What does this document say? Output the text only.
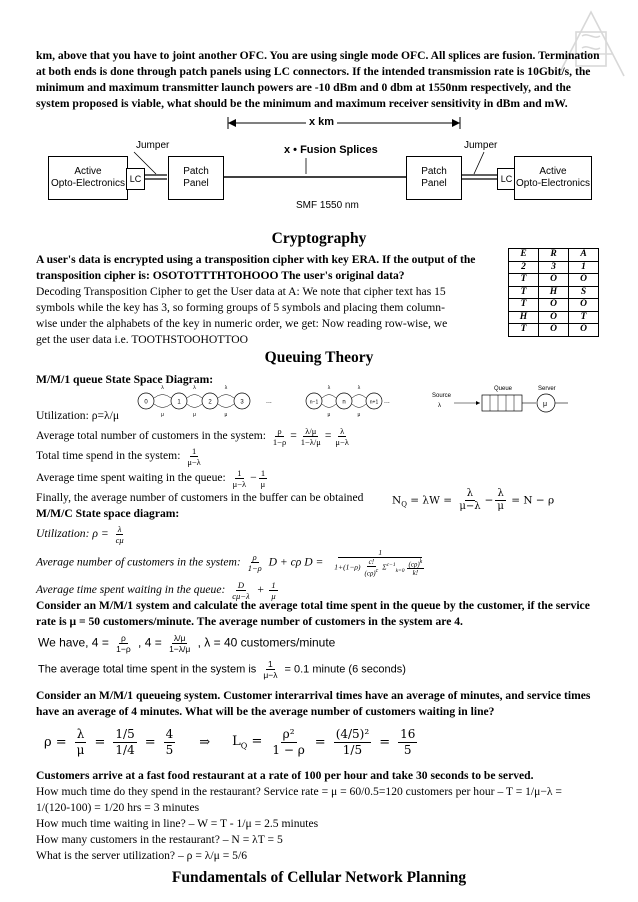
km, above that you have to joint another OFC. You are using single mode OFC. All splices are fusion. Termination
at both ends is done through patch panels using LC connectors. If the intended transmission rate is 10Gbit/s, the
minimum and maximum transmitter launch powers are -10 dBm and 0 dbm at 1550nm respectively, and the
system proposed is viable, what should be the minimum and maximum receiver sensitivity in dBm and mW.
x km
x • Fusion Splices
Jumper	Jumper
Active
Opto-Electronics LC
Patch
Panel
Patch
Panel	LC
Active
Opto-Electronics
SMF 1550 nm
Cryptography
A user's data is encrypted using a transposition cipher with key ERA. If the output of the
transposition cipher is: OSOTOTTTHTOHOOO The user's original data?
Decoding Transposition Cipher to get the User data at A: We note that cipher text has 15
symbols while the key has 3, so forming groups of 5 symbols and placing them column-
wise under the alphabets of the key in numeric order, we get: Now reading row-wise, we
get the user data i.e. TOOTHSTOOHOTTOO
E	R	A
2	3	1
T	O	O
T	H	S
T	O	O
H	O	T
T	O	O
Queuing Theory
M/M/1 queue State Space Diagram:
0
λ
μ
1
λ
μ
2
λ
μ
3	n−1
λ
μ
n
λ
μ
n+1
...	...
Source
λ
Queue	Server
μ
Utilization: ρ=λ/μ
Average total number of customers in the system: $\frac{\rho}{1-\rho} = \frac{\lambda/\mu}{1-\lambda/\mu} = \frac{\lambda}{\mu-\lambda}$
Total time spend in the system: $\frac{1}{\mu-\lambda}$
Average time spent waiting in the queue: $\frac{1}{\mu-\lambda} - \frac{1}{\mu}$
Finally, the average number of customers in the buffer can be obtained	$N_Q = \lambda W = \frac{\lambda}{\mu-\lambda} - \frac{\lambda}{\mu} = N - \rho$
M/M/C State space diagram:
Utilization: $\rho = \frac{\lambda}{c\mu}$
Average number of customers in the system: $\frac{\rho}{1-\rho}$ D + cρ $D = \frac{1}{1+(1-\rho) \frac{c!}{(c\rho)^c} \Sigma^{c-1}_{k=0} \frac{(c\rho)^k}{k!}}$
Average time spent waiting in the queue: $\frac{D}{c\mu-\lambda} + \frac{1}{\mu}$
Consider an M/M/1 system and calculate the average total time spent in the queue by the customer, if the service
rate is μ = 50 customers/minute. The average number of customers in the system are 4.
We have, $4 = \frac{\rho}{1-\rho}$ , $4 = \frac{\lambda/\mu}{1-\lambda/\mu}$ , λ = 40 customers/minute
The average total time spent in the system is $\frac{1}{\mu-\lambda} = 0.1$ minute (6 seconds)
Consider an M/M/1 queueing system. Customer interarrival times have an average of minutes, and service times
have an average of 4 minutes. What will be the average number of customers waiting in line?
$\rho = \frac{\lambda}{\mu} = \frac{1/5}{1/4} = \frac{4}{5}$ ⇒ $L_Q = \frac{\text{ρ²}}{1 - \rho} = \frac{\text{(4/5)²}}{1/5} = \frac{16}{5}$
Customers arrive at a fast food restaurant at a rate of 100 per hour and take 30 seconds to be served.
How much time do they spend in the restaurant? Service rate = μ = 60/0.5=120 customers per hour – T = 1/μ−λ =
1/(120-100) = 1/20 hrs = 3 minutes
How much time waiting in line? – W = T - 1/μ = 2.5 minutes
How many customers in the restaurant? – N = λT = 5
What is the server utilization? – ρ = λ/μ = 5/6
Fundamentals of Cellular Network Planning
